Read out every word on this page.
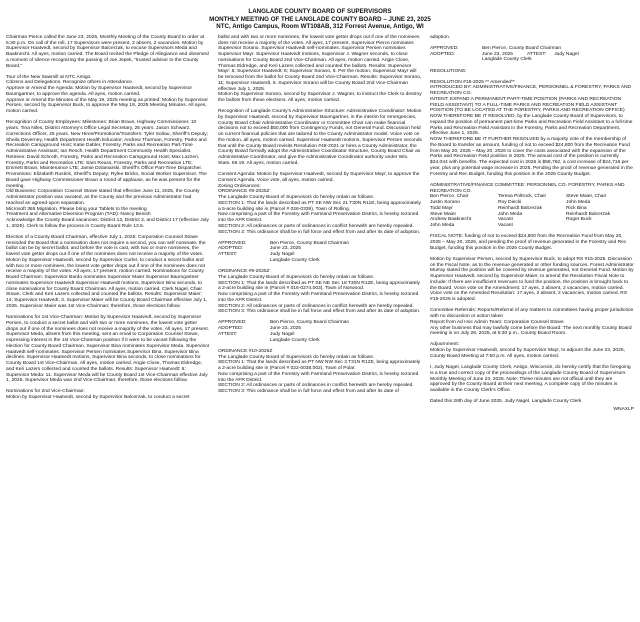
LANGLADE COUNTY BOARD OF SUPERVISORS
MONTHLY MEETING OF THE LANGLADE COUNTY BOARD – JUNE 23, 2025
NTC, Antigo Campus, Room WT108AB, 312 Forrest Avenue, Antigo, WI

Chairman Pierce called the June 23, 2025, Monthly Meeting of the County Board to order at 5:30 p.m. On call of the roll, 17 Supervisors were present, 2 absent, 2 vacancies. Motion by Supervisor Haatvedt, second by Supervisor Balcerzak, to excuse Supervisors Meda and Baaknecht. All ayes, motion carried. The Board recited the Pledge of Allegiance and observed a moment of silence recognizing the passing of Joe Jepek, “trusted advisor to the County Board.”

Tour of the New Sawmill at NTC Antigo.

Citizens and Delegations. Recognize others in Attendance.

Approve or Amend the Agenda: Motion by Supervisor Haatvedt, second by Supervisor Baumgartner, to approve the agenda. All ayes, motion carried.

Approve or Amend the Minutes of the May 19, 2025 meeting as printed: Motion by Supervisor Persen, second by Supervisor Buck, to approve the May 19, 2025 Meeting Minutes. All ayes, motion carried.

Recognition of County Employees: Milestones: Brian Braun, Highway Commissioner, 10 years. Tina Niles, District Attorney’s Office Legal Secretary, 25 years. Jason Schwarz, Corrections Officer, 25 years. New Hires/Promotions/Transfers: Tyler Soltau, Sheriff’s Deputy; Sheila Deverney, Health Department Health Educator; Andrew Thurman, Forestry, Parks and Recreation Campground Host; Katie Dabler, Forestry, Parks and Recreation Part-Time Administrative Assistant; Ian Resch, Health Department Community Health Specialist. Retirees: David Schroth, Forestry, Parks and Recreation Campground Host; Max Lazzeri, Forestry, Parks and Recreation LTE; Sam Reuss, Forestry, Parks and Recreation LTE; Emmett Braun, Maintenance LTE; Jamie Dziamarski, Sheriff’s Office Part-Time Dispatcher. Promotions: Elizabeth Rustick, Sheriff’s Deputy; Rylee Bricko, Social Worker Supervisor. The Board gave Highway Commissioner Braun a round of applause, as he was present for the meeting.

Old Business: Corporation Counsel Stowe stated that effective June 11, 2025, the County Administrator position was vacated, as the County and the previous Administrator had reached an agreed-upon separation.

Microsoft 365 Migration. Please bring your Tablets to the meeting

Treatment and Alternative Diversion Program (TAD): Nancy Benish

Acknowledge the County Board vacancies: District 13, District 2, and District 17 (effective July 1, 2025). Clerk to follow the process in County Board Rule 13.6.

Election of a County Board Chairman, effective July 1, 2025: Corporation Counsel Stowe reminded the Board that a nomination does not require a second, you can self nominate, the ballot can be by secret ballot, and before the vote is cast, with two or more nominees, the lowest vote getter drops out if one of the nominees does not receive a majority of the votes. Motion by Supervisor Haatvedt, second by Supervisor Curler, to conduct a secret ballot and with two or more nominees, the lowest vote getter drops out if one of the nominees does not receive a majority of the votes. All ayes, 17 present, motion carried. Nominations for County Board Chairman: Supervisor Bardo nominates Supervisor Maier Supervisor Baumgartner nominates Supervisor Haatvedt Supervisor Haatvedt motions, Supervisor Bina seconds, to close nominations for County Board Chairman. All ayes, motion carried. Clerk Nagel, Chair Stowe, Clerk and Keri Lazers collected and counted the ballots. Results: Supervisor Maier: 14; Supervisor Haatvedt, 3. Supervisor Maier will be County Board Chairman effective July 1, 2025. Supervisor Maier was 1st Vice-Chairman; therefore, those elections follow.

Nominations for 1st Vice-Chairman: Motion by Supervisor Haatvedt, second by Supervisor Persen, to conduct a secret ballot and with two or more nominees, the lowest vote getter drops out if one of the nominees does not receive a majority of the votes. All ayes, 17 present. Supervisor Meda, absent from this meeting, sent an email to Corporation Counsel Stowe, expressing interest in the 1st Vice-Chairman position if it were to be vacant following the election for County Board Chairman. Supervisor Bina nominates Supervisor Meda. Supervisor Haatvedt self-nominates. Supervisor Persen nominates Supervisor Bina. Supervisor Bina declines. Supervisor Haatvedt motions, Supervisor Bina seconds, to close nominations for County Board 1st Vice-Chairman. All ayes, motion carried. Angie Close, Thomas Eldredge, and Keri Lazers collected and counted the ballots. Results: Supervisor Haatvedt: 6; Supervisor Meda: 11. Supervisor Meda will be County Board 1st Vice-Chairman effective July 1, 2025. Supervisor Meda was 2nd Vice-Chairman; therefore, those elections follow.

Nominations for 2nd Vice-Chairman:

Motion by Supervisor Haatvedt, second by Supervisor Balcerzak, to conduct a secret

ballot and with two or more nominees, the lowest vote getter drops out if one of the nominees does not receive a majority of the votes. All ayes, 17 present. Supervisor Pierce nominates Supervisor Sorano. Supervisor Haatvedt self-nominates. Supervisor Persen nominates Supervisor Mayr. Supervisor Haatvedt motions, Supervisor J. Wagner seconds, to close nominations for County Board 2nd Vice-Chairman. All ayes, motion carried. Angie Close, Thomas Eldredge, and Keri Lazers collected and counted the ballots. Results: Supervisor Mayr: 5; Supervisor Haatvedt: 6; Supervisor Sorano, 6. Per the motion, Supervisor Mayr will be removed from the ballot for County Board 2nd Vice-Chairman. Results: Supervisor Sorano, 11; Supervisor Haatvedt, 6. Supervisor Sorano will be County Board 2nd Vice-Chairman effective July 1, 2025.

Motion by Supervisor Sorano, second by Supervisor J. Wagner, to instruct the Clerk to destroy the ballots from these elections. All ayes, motion carried.

Recognition of Langlade County’s Administrative Structure: Administrative Coordinator: Motion by Supervisor Haatvedt, second by Supervisor Baumgartner, in the interim for emergencies, County Board Chair Administrative Coordinator or Committee Chair can make financial decisions not to exceed $50,000 from Contingency Funds, not General Fund. Discussion held on current financial policies that are tailored to the County Administrator model. Voice vote on the motion, all ayes, motion carried. Supervisor Haatvedt motions, Supervisor Persen seconds that until the County Board revisits Resolution #48-2021 or hires a County Administrator, the County Board formally adopt the Administrative Coordinator Structure, County Board Chair as Administrative Coordinator, and give the Administrative Coordinator authority under Wis. Stats. 59.19. All ayes, motion carried.

Consent Agenda: Motion by Supervisor Haatvedt, second by Supervisor Mayr, to approve the Consent Agenda. Voice vote, all ayes, motion carried.

Zoning Ordinances:

ORDINANCE #8-2025Z

The Langlade County Board of Supervisors do hereby ordain as follows:

SECTION 1: That the lands described as PT SE NW Sec 21 T30N R11E, being approximately a 5-acre building site in (Parcel # 026-0339), Town of Rolling.

Now comprising a part of the Forestry with Farmland Preservation District, is hereby rezoned into the AFR District.

SECTION 2: All ordinances or parts of ordinances in conflict herewith are hereby repealed.

SECTION 3: This ordinance shall be in full force and effect from and after its date of adoption.

APPROVED:	Ben Pierce, County Board Chairman
ADOPTED:	June 23, 2025
ATTEST:	Judy Nagel
Langlade County Clerk

ORDINANCE #9-2025Z

The Langlade County Board of Supervisors do hereby ordain as follows:

SECTION 1: That the lands described as PT SE NE Sec 18 T30N R12E, being approximately a 2-acre building site in (Parcel # 016-0274.003), Town of Norwood.

Now comprising a part of the Forestry with Farmland Preservation District, is hereby rezoned into the AFR District.

SECTION 2: All ordinances or parts of ordinances in conflict herewith are hereby repealed.

SECTION 3: This ordinance shall be in full force and effect from and after its date of adoption.

APPROVED:	Ben Pierce, County Board Chairman
ADOPTED:	June 23, 2025
ATTEST:	Judy Nagel
Langlade County Clerk

ORDINANCE #10-2025Z

The Langlade County Board of Supervisors do hereby ordain as follows:

SECTION 1: That the lands described as PT NW NW Sec 3 T31N R12E, being approximately a 2-acre building site in (Parcel # 022-0038.002), Town of Polar.

Now comprising a part of the Forestry with Farmland Preservation District, is hereby rezoned into the AFR District.

SECTION 2: All ordinances or parts of ordinances in conflict herewith are hereby repealed.

SECTION 3: This ordinance shall be in full force and effect from and after its date of

adoption.

APPROVED:	Ben Pierce, County Board Chairman
ADOPTED:	June 23, 2025	ATTEST: Judy Nagel
Langlade County Clerk

RESOLUTIONS:

RESOLUTION #15-2025 ** Amended**

INTRODUCED BY: ADMINISTRATIVE/FINANCE, PERSONNEL & FORESTRY, PARKS AND RECREATION CO.

INTENT: EXPAND A PERMANENT PART-TIME POSITION (PARKS AND RECREATION FIELD ASSISTANT) TO A FULL-TIME PARKS AND RECREATION FIELD ASSISTANT POSITION (TO BE LOCATED AT THE FORESTRY, PARKS AND RECREATION OFFICE)

NOW THEREFORE BE IT RESOLVED, by the Langlade County Board of Supervisors, to expand the position of permanent part-time Parks and Recreation Field Assistant to a full-time Parks and Recreation Field Assistant in the Forestry, Parks and Recreation Department, effective June 1, 2025.

NOW THEREFORE BE IT FURTHER RESOLVED by a majority vote of the membership of the Board to transfer an amount, funding of not to exceed $24,800 from the Recreation Fund from May 20, 2025 – May 20, 2026 to cover the costs associated with the expansion of the Parks and Recreation Field position in 2025. The annual cost of the position is currently $34,044 with benefits. The expected cost in 2026 is $58,762, a cost increase of $24,718 per year, plus any potential wage increase in 2026. Pending the proof of revenue generated in the Forestry and Rec Budget, funding this position in the 2026 County Budget.

ADMINISTRATIVE/FINANCE COMMITTEE: PERSONNEL CO. FORESTRY, PARKS AND RECREATION CO.

Ben Pierce, Chair	Teresa Poltrock, Chair	Steve Maier, Chair
Justin Sorano	Roy Diecki	John Meda
Todd Mayr	Reinhardt Balcerzak	Rick Bina
Steve Maier	John Meda	Reinhardt Balcerzak
Andrew Baaknecht	Vacant	Roger Buck
John Meda	Vacant

FISCAL NOTE: funding of not to exceed $24,800 from the Recreation Fund from May 20, 2025 – May 20, 2026, and pending the proof of revenue generated in the Forestry and Rec Budget, funding this position in the 2026 County Budget.

Motion by Supervisor Persen, second by Supervisor Buck, to adopt RS #15-2025. Discussion on the Fiscal Note, as to the revenue generated or other funding sources. Forest Administrator Murray stated the position will be covered by revenue generated, not General Fund. Motion by Supervisor Haatvedt, second by Supervisor Maier, to amend the Resolution Fiscal Note to include: If there are insufficient revenues to fund the position, the position is brought back to the Board. Voice vote on the Amendment: 17 ayes, 2 absent, 2 vacancies, motion carried. Voice vote on the Amended Resolution: 17 ayes, 2 absent, 2 vacancies, motion carried. RS #15-2025 is adopted.

Committee Referrals: Reports/Referral of any matters to committees having proper jurisdiction with no discussion or action taken

Report from Ad Hoc Admin Team: Corporation Counsel Stowe.

Any other business that may lawfully come before the Board: The next monthly County Board meeting is on July 28, 2025, at 5:30 p.m., County Board Room.

Adjournment:

Motion by Supervisor Haatvedt, second by Supervisor Mayr, to adjourn the June 23, 2025, County Board Meeting at 7:50 p.m. All ayes, motion carried.

I, Judy Nagel, Langlade County Clerk, Antigo, Wisconsin, do hereby certify that the foregoing is a true and correct copy of the proceedings of the Langlade County Board of Supervisors Monthly Meeting of June 23, 2025. Note: These minutes are not official until they are approved by the County Board at their next meeting. A complete copy of the minutes is available in the County Clerk’s Office.

Dated this 26th day of June 2025. Judy Nagel, Langlade County Clerk

WNAXLP
